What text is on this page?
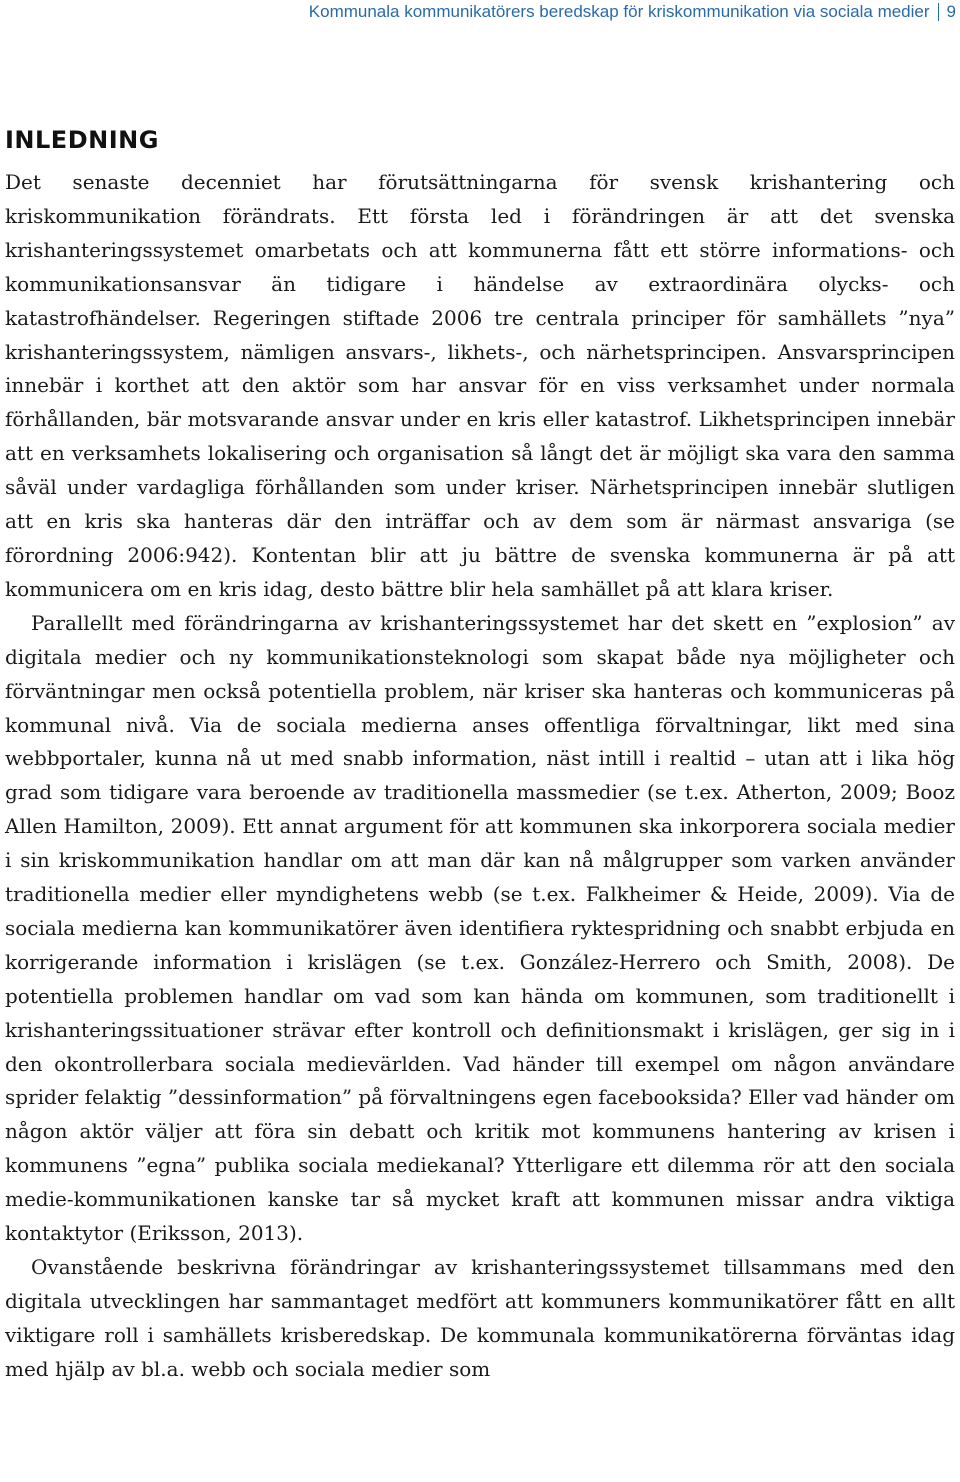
Kommunala kommunikatörers beredskap för kriskommunikation via sociala medier 9
INLEDNING

Det senaste decenniet har förutsättningarna för svensk krishantering och kriskommunikation förändrats. Ett första led i förändringen är att det svenska krishanteringssystemet omarbetats och att kommunerna fått ett större informations- och kommunikationsansvar än tidigare i händelse av extraordinära olycks- och katastrofhändelser. Regeringen stiftade 2006 tre centrala principer för samhällets ”nya” krishanteringssystem, nämligen ansvars-, likhets-, och närhetsprincipen. Ansvarsprincipen innebär i korthet att den aktör som har ansvar för en viss verksamhet under normala förhållanden, bär motsvarande ansvar under en kris eller katastrof. Likhetsprincipen innebär att en verksamhets lokalisering och organisation så långt det är möjligt ska vara den samma såväl under vardagliga förhållanden som under kriser. Närhetsprincipen innebär slutligen att en kris ska hanteras där den inträffar och av dem som är närmast ansvariga (se förordning 2006:942). Kontentan blir att ju bättre de svenska kommunerna är på att kommunicera om en kris idag, desto bättre blir hela samhället på att klara kriser.

Parallellt med förändringarna av krishanteringssystemet har det skett en ”explosion” av digitala medier och ny kommunikationsteknologi som skapat både nya möjligheter och förväntningar men också potentiella problem, när kriser ska hanteras och kommuniceras på kommunal nivå. Via de sociala medierna anses offentliga förvaltningar, likt med sina webbportaler, kunna nå ut med snabb information, näst intill i realtid – utan att i lika hög grad som tidigare vara beroende av traditionella massmedier (se t.ex. Atherton, 2009; Booz Allen Hamilton, 2009). Ett annat argument för att kommunen ska inkorporera sociala medier i sin kriskommunikation handlar om att man där kan nå målgrupper som varken använder traditionella medier eller myndighetens webb (se t.ex. Falkheimer & Heide, 2009). Via de sociala medierna kan kommunikatörer även identifiera ryktespridning och snabbt erbjuda en korrigerande information i krislägen (se t.ex. González-Herrero och Smith, 2008). De potentiella problemen handlar om vad som kan hända om kommunen, som traditionellt i krishanteringssituationer strävar efter kontroll och definitionsmakt i krislägen, ger sig in i den okontrollerbara sociala medievärlden. Vad händer till exempel om någon användare sprider felaktig ”dessinformation” på förvaltningens egen facebooksida? Eller vad händer om någon aktör väljer att föra sin debatt och kritik mot kommunens hantering av krisen i kommunens ”egna” publika sociala mediekanal? Ytterligare ett dilemma rör att den sociala medie-kommunikationen kanske tar så mycket kraft att kommunen missar andra viktiga kontaktytor (Eriksson, 2013).

Ovanstående beskrivna förändringar av krishanteringssystemet tillsammans med den digitala utvecklingen har sammantaget medfört att kommuners kommunikatörer fått en allt viktigare roll i samhällets krisberedskap. De kommunala kommunikatörerna förväntas idag med hjälp av bl.a. webb och sociala medier som
